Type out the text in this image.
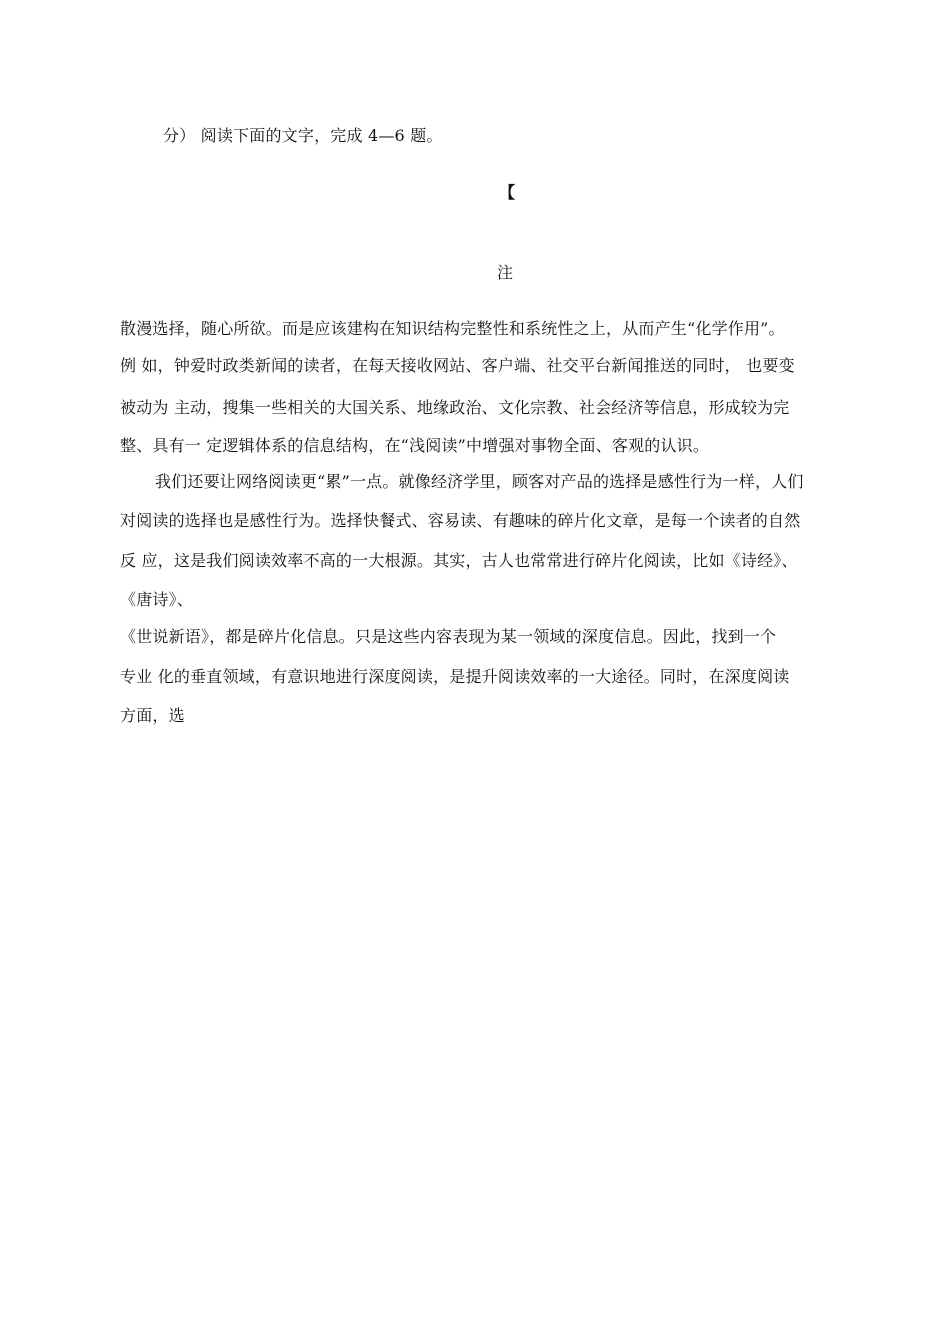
分） 阅读下面的文字，完成 4—6 题。
【
注
散漫选择，随心所欲。而是应该建构在知识结构完整性和系统性之上，从而产生“化学作用”。
例 如，钟爱时政类新闻的读者，在每天接收网站、客户端、社交平台新闻推送的同时， 也要变
被动为 主动，搜集一些相关的大国关系、地缘政治、文化宗教、社会经济等信息，形成较为完
整、具有一 定逻辑体系的信息结构，在“浅阅读”中增强对事物全面、客观的认识。
我们还要让网络阅读更“累”一点。就像经济学里，顾客对产品的选择是感性行为一样，人们
对阅读的选择也是感性行为。选择快餐式、容易读、有趣味的碎片化文章，是每一个读者的自然
反 应，这是我们阅读效率不高的一大根源。其实，古人也常常进行碎片化阅读，比如《诗经》、
《唐诗》、
《世说新语》，都是碎片化信息。只是这些内容表现为某一领域的深度信息。因此，找到一个
专业 化的垂直领域，有意识地进行深度阅读，是提升阅读效率的一大途径。同时，在深度阅读
方面，选
